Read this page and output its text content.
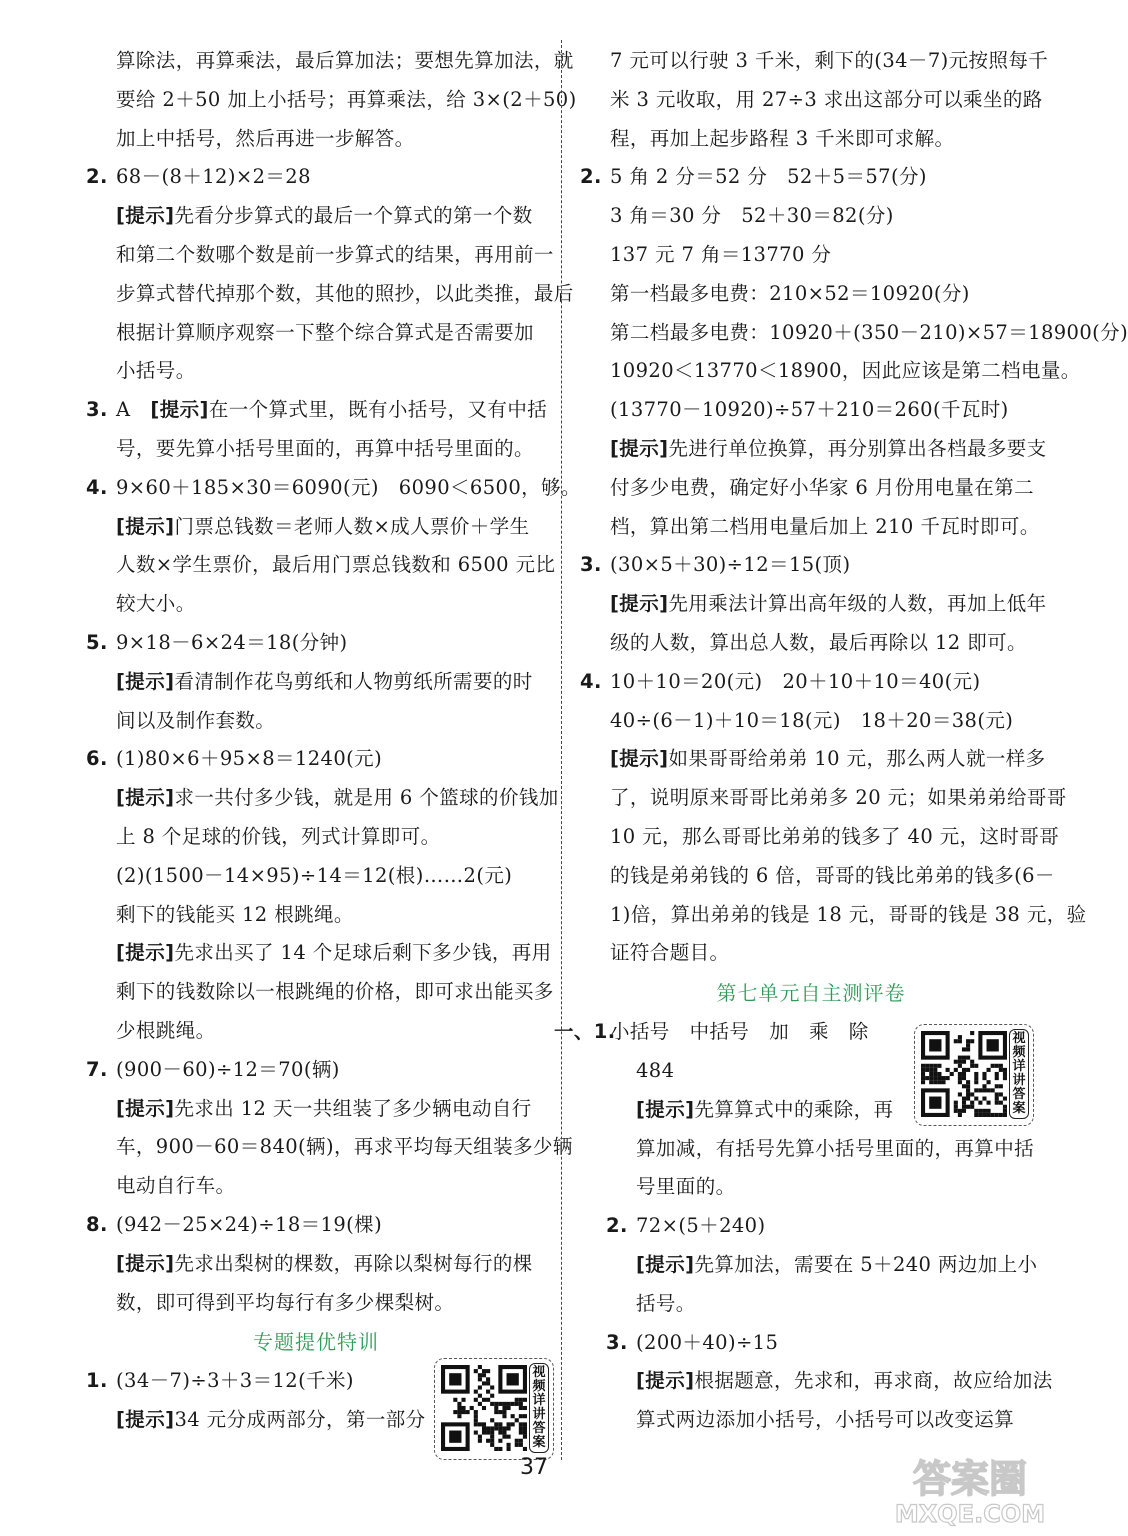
算除法，再算乘法，最后算加法；要想先算加法，就
要给 2＋50 加上小括号；再算乘法，给 3×(2＋50)
加上中括号，然后再进一步解答。
2. 68－(8＋12)×2＝28
[提示]先看分步算式的最后一个算式的第一个数
和第二个数哪个数是前一步算式的结果，再用前一
步算式替代掉那个数，其他的照抄，以此类推，最后
根据计算顺序观察一下整个综合算式是否需要加
小括号。
3. A　[提示]在一个算式里，既有小括号，又有中括
号，要先算小括号里面的，再算中括号里面的。
4. 9×60＋185×30＝6090(元)　6090＜6500，够。
[提示]门票总钱数＝老师人数×成人票价＋学生
人数×学生票价，最后用门票总钱数和 6500 元比
较大小。
5. 9×18－6×24＝18(分钟)
[提示]看清制作花鸟剪纸和人物剪纸所需要的时
间以及制作套数。
6. (1)80×6＋95×8＝1240(元)
[提示]求一共付多少钱，就是用 6 个篮球的价钱加
上 8 个足球的价钱，列式计算即可。
(2)(1500－14×95)÷14＝12(根)……2(元)
剩下的钱能买 12 根跳绳。
[提示]先求出买了 14 个足球后剩下多少钱，再用
剩下的钱数除以一根跳绳的价格，即可求出能买多
少根跳绳。
7. (900－60)÷12＝70(辆)
[提示]先求出 12 天一共组装了多少辆电动自行
车，900－60＝840(辆)，再求平均每天组装多少辆
电动自行车。
8. (942－25×24)÷18＝19(棵)
[提示]先求出梨树的棵数，再除以梨树每行的棵
数，即可得到平均每行有多少棵梨树。
专题提优特训
1. (34－7)÷3＋3＝12(千米)
[提示]34 元分成两部分，第一部分
7 元可以行驶 3 千米，剩下的(34－7)元按照每千
米 3 元收取，用 27÷3 求出这部分可以乘坐的路
程，再加上起步路程 3 千米即可求解。
2. 5 角 2 分＝52 分　52＋5＝57(分)
3 角＝30 分　52＋30＝82(分)
137 元 7 角＝13770 分
第一档最多电费：210×52＝10920(分)
第二档最多电费：10920＋(350－210)×57＝18900(分)
10920＜13770＜18900，因此应该是第二档电量。
(13770－10920)÷57＋210＝260(千瓦时)
[提示]先进行单位换算，再分别算出各档最多要支
付多少电费，确定好小华家 6 月份用电量在第二
档，算出第二档用电量后加上 210 千瓦时即可。
3. (30×5＋30)÷12＝15(顶)
[提示]先用乘法计算出高年级的人数，再加上低年
级的人数，算出总人数，最后再除以 12 即可。
4. 10＋10＝20(元)　20＋10＋10＝40(元)
40÷(6－1)＋10＝18(元)　18＋20＝38(元)
[提示]如果哥哥给弟弟 10 元，那么两人就一样多
了，说明原来哥哥比弟弟多 20 元；如果弟弟给哥哥
10 元，那么哥哥比弟弟的钱多了 40 元，这时哥哥
的钱是弟弟钱的 6 倍，哥哥的钱比弟弟的钱多(6－
1)倍，算出弟弟的钱是 18 元，哥哥的钱是 38 元，验
证符合题目。
第七单元自主测评卷
一、1.小括号　中括号　加　乘　除
484
[提示]先算算式中的乘除，再
算加减，有括号先算小括号里面的，再算中括
号里面的。
2. 72×(5＋240)
[提示]先算加法，需要在 5＋240 两边加上小
括号。
3. (200＋40)÷15
[提示]根据题意，先求和，再求商，故应给加法
算式两边添加小括号，小括号可以改变运算
视频详讲答案
视频详讲答案
37	答案圈
MXQE.COM
